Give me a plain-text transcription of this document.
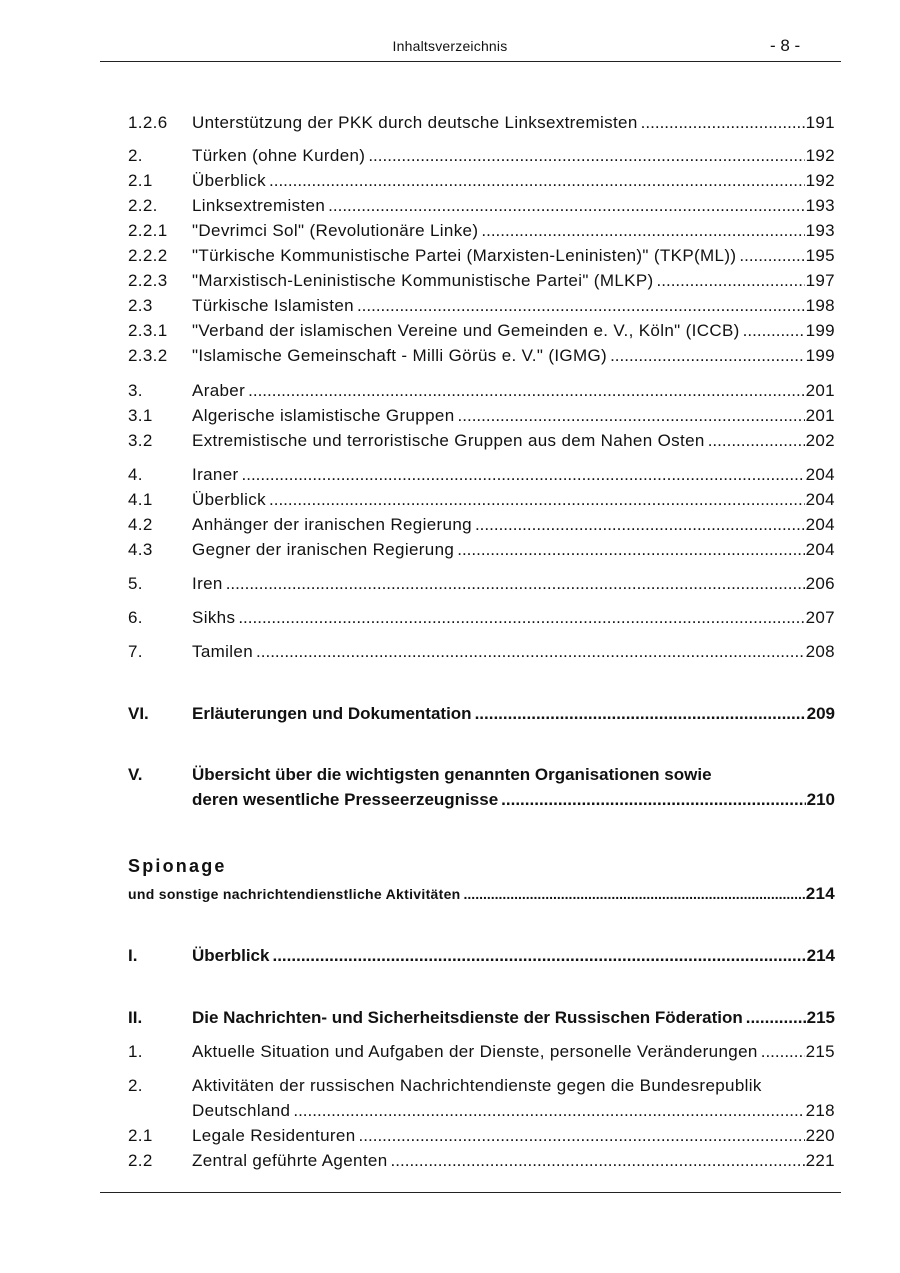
Inhaltsverzeichnis	- 8 -
1.2.6 Unterstützung der PKK durch deutsche Linksextremisten .....	191
2.	Türken (ohne Kurden) .....	192
2.1 Überblick .....	192
2.2. Linksextremisten .....	193
2.2.1 "Devrimci Sol" (Revolutionäre Linke) .....	193
2.2.2 "Türkische Kommunistische Partei (Marxisten-Leninisten)" (TKP(ML)) .....	195
2.2.3 "Marxistisch-Leninistische Kommunistische Partei" (MLKP) .....	197
2.3 Türkische Islamisten .....	198
2.3.1 "Verband der islamischen Vereine und Gemeinden e. V., Köln" (ICCB) .....	199
2.3.2 "Islamische Gemeinschaft - Milli Görüs e. V." (IGMG) .....	199
3.	Araber .....	201
3.1 Algerische islamistische Gruppen .....	201
3.2 Extremistische und terroristische Gruppen aus dem Nahen Osten .....	202
4.	Iraner .....	204
4.1 Überblick .....	204
4.2 Anhänger der iranischen Regierung .....	204
4.3 Gegner der iranischen Regierung .....	204
5.	Iren .....	206
6.	Sikhs .....	207
7.	Tamilen .....	208
VI.	Erläuterungen und Dokumentation .....	209
V.	Übersicht über die wichtigsten genannten Organisationen sowie
deren wesentliche Presseerzeugnisse .....	210
Spionage
und sonstige nachrichtendienstliche Aktivitäten .....	214
I.	Überblick .....	214
II.	Die Nachrichten- und Sicherheitsdienste der Russischen Föderation .....	215
1.	Aktuelle Situation und Aufgaben der Dienste, personelle Veränderungen .....	215
2.	Aktivitäten der russischen Nachrichtendienste gegen die Bundesrepublik
Deutschland .....	218
2.1 Legale Residenturen .....	220
2.2 Zentral geführte Agenten .....	221
